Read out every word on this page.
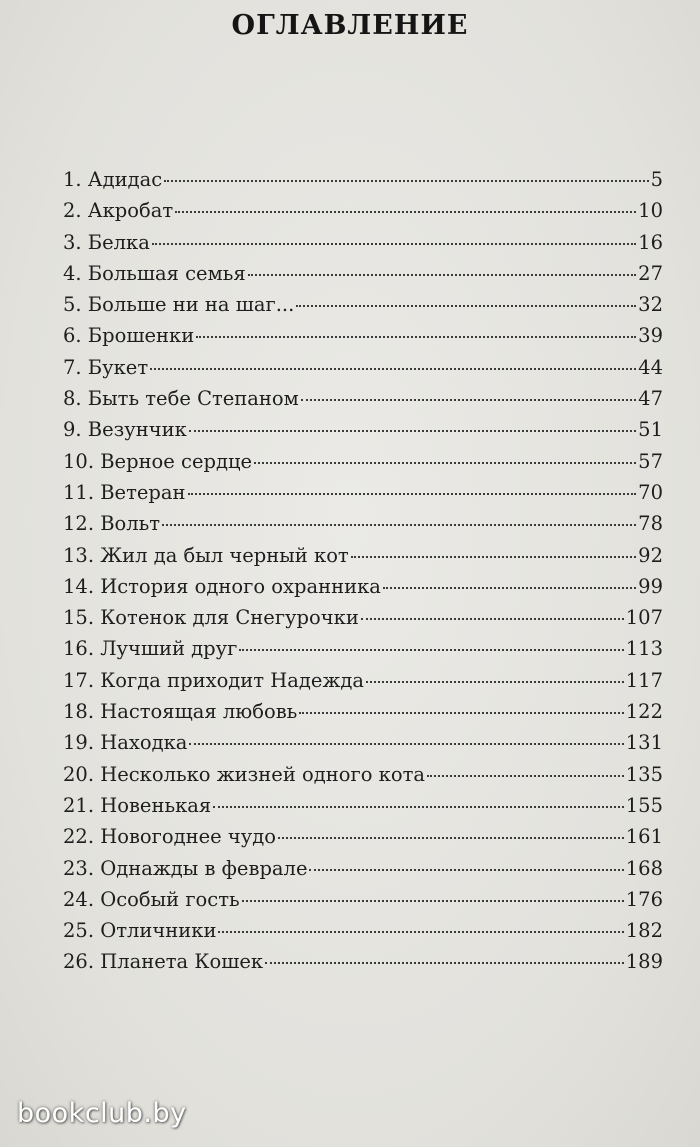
ОГЛАВЛЕНИЕ
1. Адидас	5
2. Акробат	10
3. Белка	16
4. Большая семья	27
5. Больше ни на шаг...	32
6. Брошенки	39
7. Букет	44
8. Быть тебе Степаном	47
9. Везунчик	51
10. Верное сердце	57
11. Ветеран	70
12. Вольт	78
13. Жил да был черный кот	92
14. История одного охранника	99
15. Котенок для Снегурочки	107
16. Лучший друг	113
17. Когда приходит Надежда	117
18. Настоящая любовь	122
19. Находка	131
20. Несколько жизней одного кота	135
21. Новенькая	155
22. Новогоднее чудо	161
23. Однажды в феврале	168
24. Особый гость	176
25. Отличники	182
26. Планета Кошек	189
bookclub.by
